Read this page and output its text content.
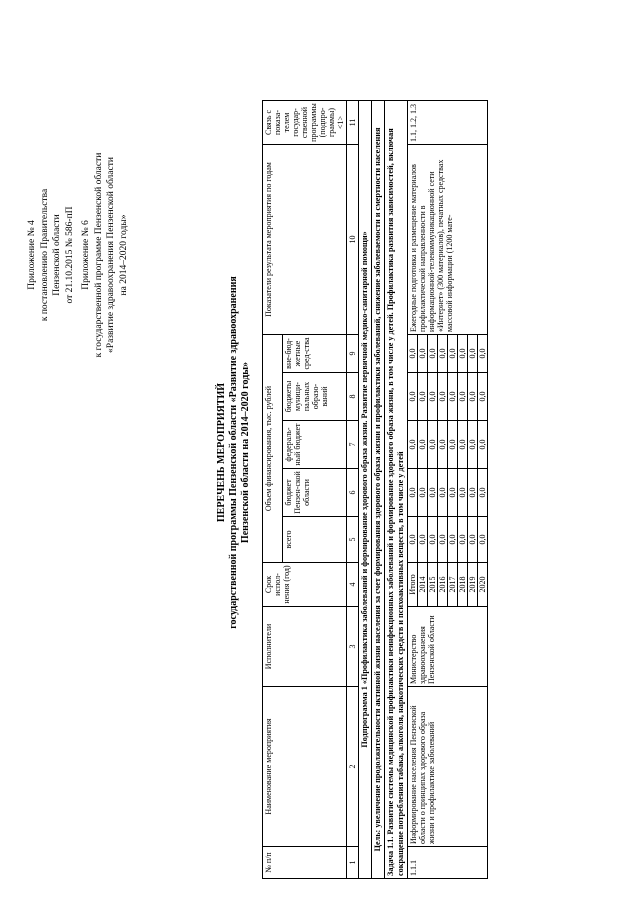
Приложение № 4 к постановлению Правительства Пензенской области от 21.10.2015 № 586-пП Приложение № 6 к государственной программе Пензенской области «Развитие здравоохранения Пензенской области на 2014–2020 годы»
ПЕРЕЧЕНЬ МЕРОПРИЯТИЙ государственной программы Пензенской области «Развитие здравоохранения Пензенской области на 2014–2020 годы»
№ п/п	Наименование мероприятия	Исполнители	Срок испол-нения (год)	Объем финансирования, тыс. рублей					Показатели результата мероприятия по годам	Связь с показа-телем государ-ственной программы (подпро-граммы) <1>
				всего	бюджет Пензен-ской области	федераль-ный бюджет	бюджеты муници-пальных образо-ваний	вне-бюд-жетные сред-ства		
1	2	3	4	5	6	7	8	9	10	11
Подпрограмма 1 «Профилактика заболеваний и формирование здорового образа жизни. Развитие первичной медико-санитарной помощи»										
Цель: увеличение продолжительности активной жизни населения за счет формирования здорового образа жизни и профилактики заболеваний, снижение заболеваемости и смертности населения										
Задача 1.1. Развитие системы медицинской профилактики неинфекционных заболеваний и формирование здорового образа жизни, в том числе у детей. Профилактика развития зависимостей, включая сокращение потребления табака, алкоголя, наркотических средств и психоактивных веществ, в том числе у детей										
1.1.1	Информирование населения Пензенской области о принципах здорового образа жизни и профилактике заболеваний	Министерство здравоохранения Пензенской области	Итого	0,0	0,0	0,0	0,0	0,0	Ежегодные подготовка и размещение материалов профилактической направленности в информационной-телекоммуникационной сети «Интернет» (300 материалов), печатных средствах массовой информации (1200 мате-	1.1, 1.2, 1.3
			2014	0,0	0,0	0,0	0,0	0,0		
			2015	0,0	0,0	0,0	0,0	0,0		
			2016	0,0	0,0	0,0	0,0	0,0		
			2017	0,0	0,0	0,0	0,0	0,0		
			2018	0,0	0,0	0,0	0,0	0,0		
			2019	0,0	0,0	0,0	0,0	0,0		
			2020	0,0	0,0	0,0	0,0	0,0		
